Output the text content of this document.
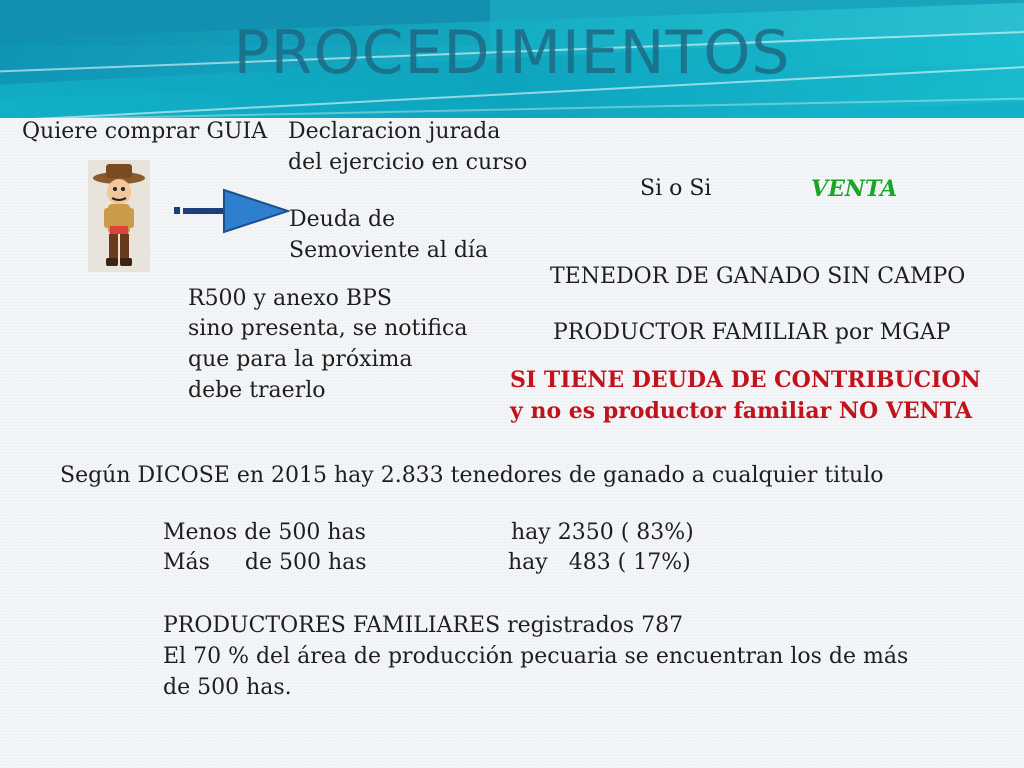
PROCEDIMIENTOS
Quiere comprar GUIA Declaracion jurada
del ejercicio en curso
Deuda de
Semoviente al día
R500 y anexo BPS
sino presenta, se notifica
que para la próxima
debe traerlo
Si o Si	VENTA
TENEDOR DE GANADO SIN CAMPO
PRODUCTOR FAMILIAR por MGAP
SI TIENE DEUDA DE CONTRIBUCION
y no es productor familiar NO VENTA
Según DICOSE en 2015 hay 2.833 tenedores de ganado a cualquier titulo
Menos de 500 has	hay 2350 ( 83%)
Más     de 500 has	hay   483 ( 17%)
PRODUCTORES FAMILIARES registrados 787
El 70 % del área de producción pecuaria se encuentran los de más
de 500 has.
